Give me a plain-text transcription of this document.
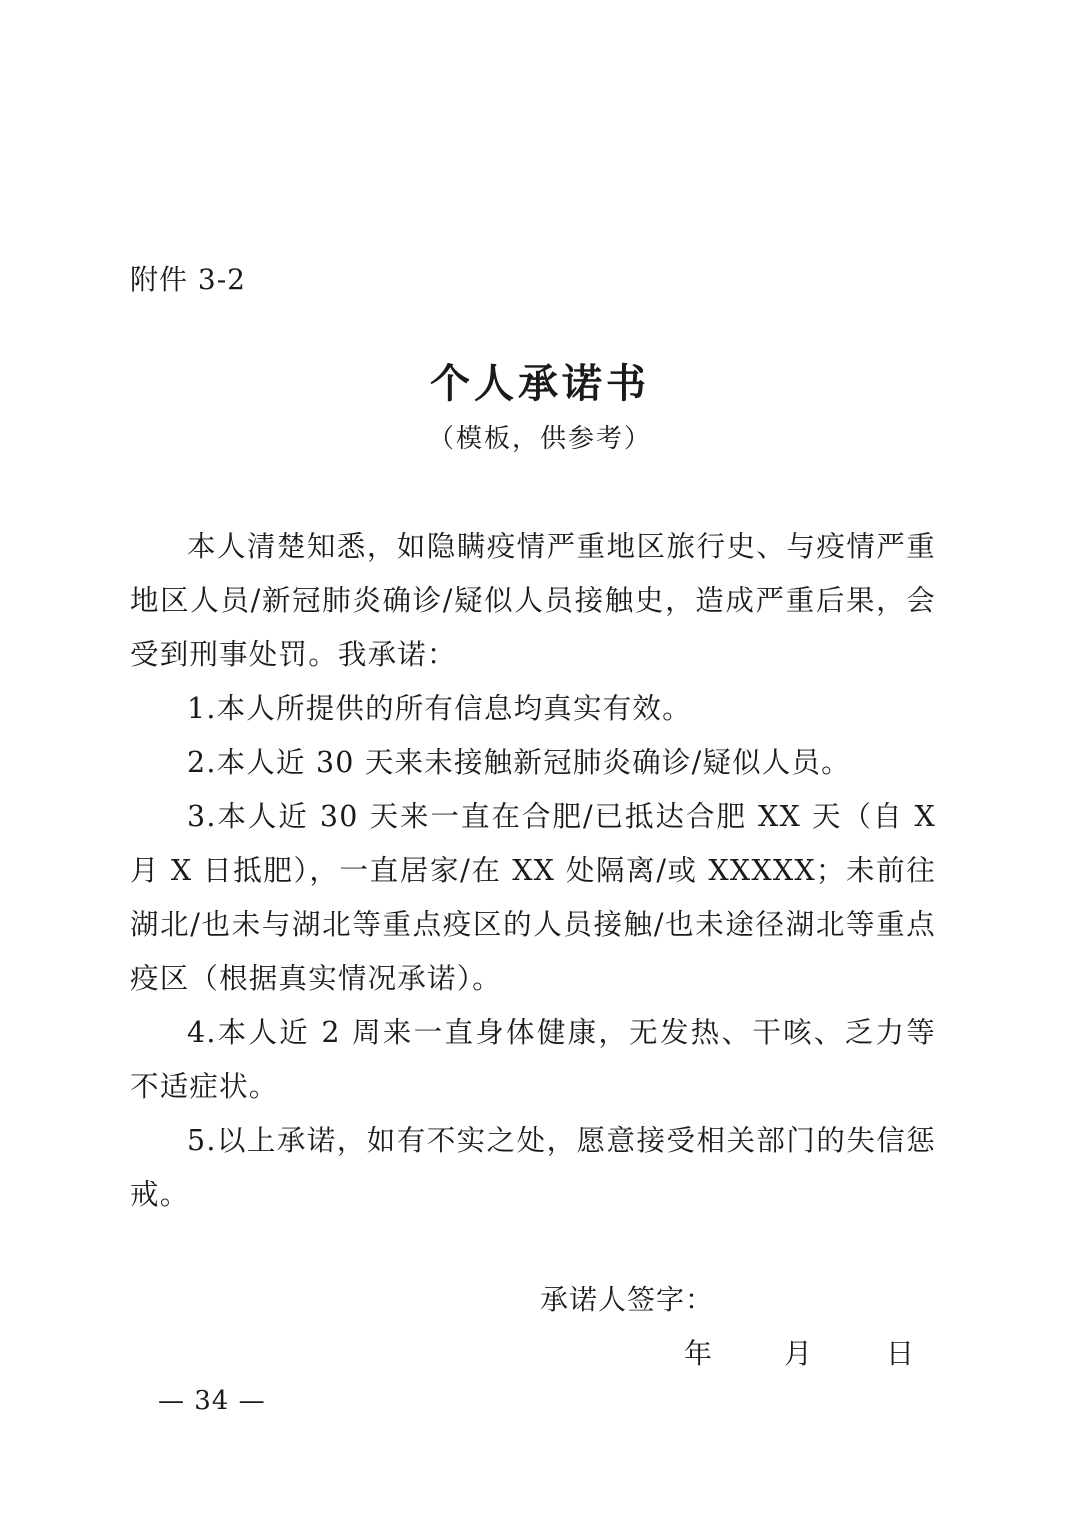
附件 3-2
个人承诺书
（模板，供参考）

本人清楚知悉，如隐瞒疫情严重地区旅行史、与疫情严重地区人员/新冠肺炎确诊/疑似人员接触史，造成严重后果，会受到刑事处罚。我承诺：

1.本人所提供的所有信息均真实有效。

2.本人近 30 天来未接触新冠肺炎确诊/疑似人员。

3.本人近 30 天来一直在合肥/已抵达合肥 XX 天（自 X 月 X 日抵肥），一直居家/在 XX 处隔离/或 XXXXX；未前往湖北/也未与湖北等重点疫区的人员接触/也未途径湖北等重点疫区（根据真实情况承诺）。

4.本人近 2 周来一直身体健康，无发热、干咳、乏力等不适症状。

5.以上承诺，如有不实之处，愿意接受相关部门的失信惩戒。

承诺人签字：
年	月	日
— 34 —
